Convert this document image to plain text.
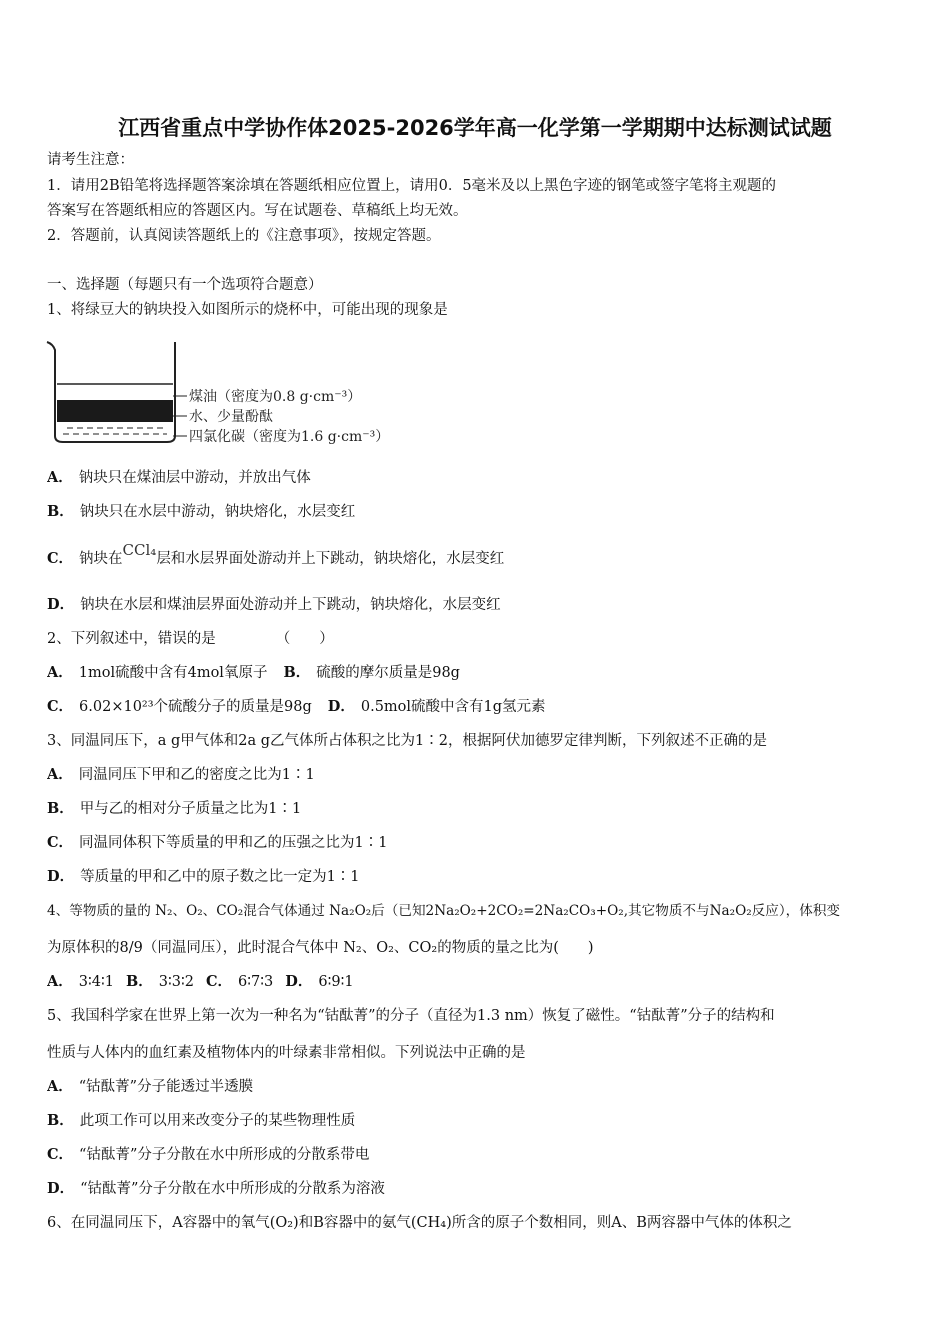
江西省重点中学协作体2025-2026学年高一化学第一学期期中达标测试试题
请考生注意：
1．请用2B铅笔将选择题答案涂填在答题纸相应位置上，请用0．5毫米及以上黑色字迹的钢笔或签字笔将主观题的
答案写在答题纸相应的答题区内。写在试题卷、草稿纸上均无效。
2．答题前，认真阅读答题纸上的《注意事项》，按规定答题。
一、选择题（每题只有一个选项符合题意）
1、将绿豆大的钠块投入如图所示的烧杯中，可能出现的现象是
煤油（密度为0.8 g·cm⁻³）
水、少量酚酞
四氯化碳（密度为1.6 g·cm⁻³）
A． 钠块只在煤油层中游动，并放出气体
B． 钠块只在水层中游动，钠块熔化，水层变红
C． 钠块在CCl₄层和水层界面处游动并上下跳动，钠块熔化，水层变红
D． 钠块在水层和煤油层界面处游动并上下跳动，钠块熔化，水层变红
2、下列叙述中，错误的是	（　　）
A． 1mol硫酸中含有4mol氧原子 B． 硫酸的摩尔质量是98g
C． 6.02×10²³个硫酸分子的质量是98g D． 0.5mol硫酸中含有1g氢元素
3、同温同压下，a g甲气体和2a g乙气体所占体积之比为1∶2，根据阿伏加德罗定律判断，下列叙述不正确的是
A． 同温同压下甲和乙的密度之比为1∶1
B． 甲与乙的相对分子质量之比为1∶1
C． 同温同体积下等质量的甲和乙的压强之比为1∶1
D． 等质量的甲和乙中的原子数之比一定为1∶1
4、等物质的量的 N₂、O₂、CO₂混合气体通过 Na₂O₂后（已知2Na₂O₂+2CO₂=2Na₂CO₃+O₂,其它物质不与Na₂O₂反应），体积变
为原体积的8/9（同温同压），此时混合气体中 N₂、O₂、CO₂的物质的量之比为(　　)
A． 3∶4∶1 B． 3∶3∶2 C． 6∶7∶3 D． 6∶9∶1
5、我国科学家在世界上第一次为一种名为“钴酞菁”的分子（直径为1.3 nm）恢复了磁性。“钴酞菁”分子的结构和
性质与人体内的血红素及植物体内的叶绿素非常相似。下列说法中正确的是
A． “钴酞菁”分子能透过半透膜
B． 此项工作可以用来改变分子的某些物理性质
C． “钴酞菁”分子分散在水中所形成的分散系带电
D． “钴酞菁”分子分散在水中所形成的分散系为溶液
6、在同温同压下，A容器中的氧气(O₂)和B容器中的氨气(CH₄)所含的原子个数相同，则A、B两容器中气体的体积之
